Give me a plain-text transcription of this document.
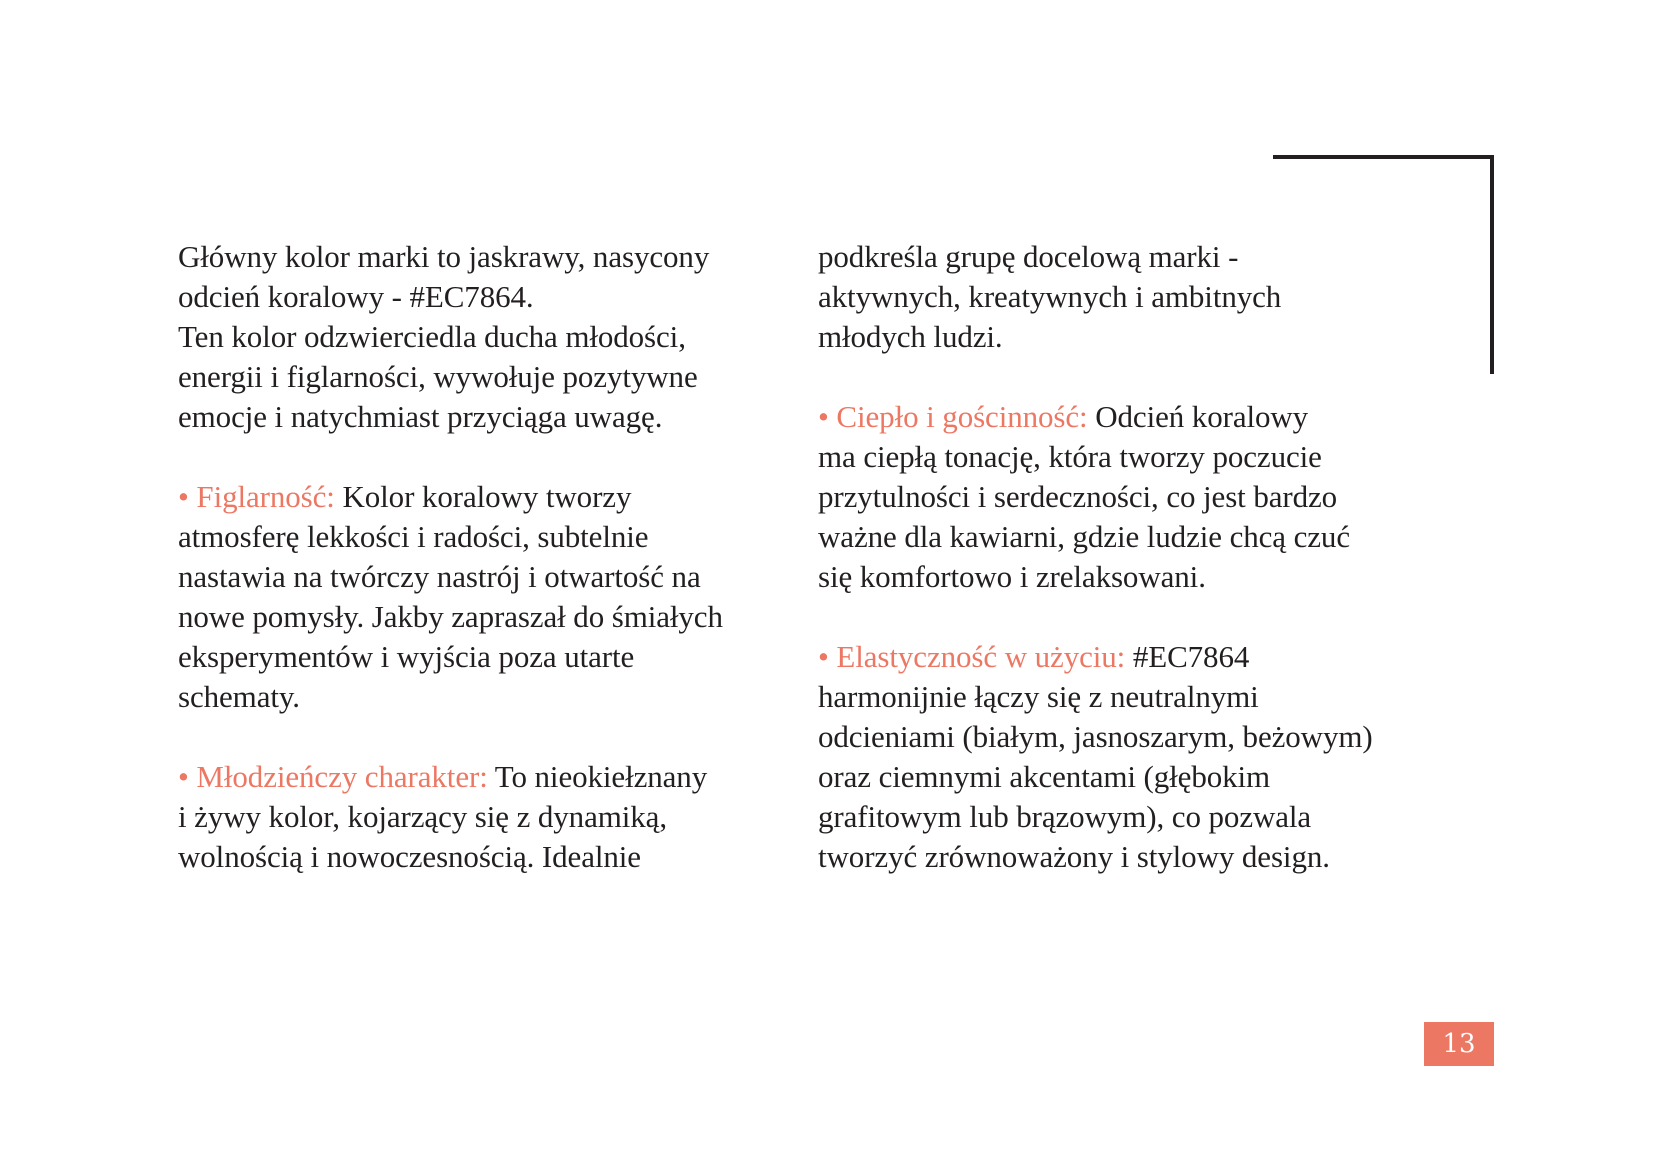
Główny kolor marki to jaskrawy, nasycony
odcień koralowy - #EC7864.
Ten kolor odzwierciedla ducha młodości,
energii i figlarności, wywołuje pozytywne
emocje i natychmiast przyciąga uwagę.
• Figlarność: Kolor koralowy tworzy
atmosferę lekkości i radości, subtelnie
nastawia na twórczy nastrój i otwartość na
nowe pomysły. Jakby zapraszał do śmiałych
eksperymentów i wyjścia poza utarte
schematy.
• Młodzieńczy charakter: To nieokiełznany
i żywy kolor, kojarzący się z dynamiką,
wolnością i nowoczesnością. Idealnie
podkreśla grupę docelową marki -
aktywnych, kreatywnych i ambitnych
młodych ludzi.
• Ciepło i gościnność: Odcień koralowy
ma ciepłą tonację, która tworzy poczucie
przytulności i serdeczności, co jest bardzo
ważne dla kawiarni, gdzie ludzie chcą czuć
się komfortowo i zrelaksowani.
• Elastyczność w użyciu: #EC7864
harmonijnie łączy się z neutralnymi
odcieniami (białym, jasnoszarym, beżowym)
oraz ciemnymi akcentami (głębokim
grafitowym lub brązowym), co pozwala
tworzyć zrównoważony i stylowy design.
13
